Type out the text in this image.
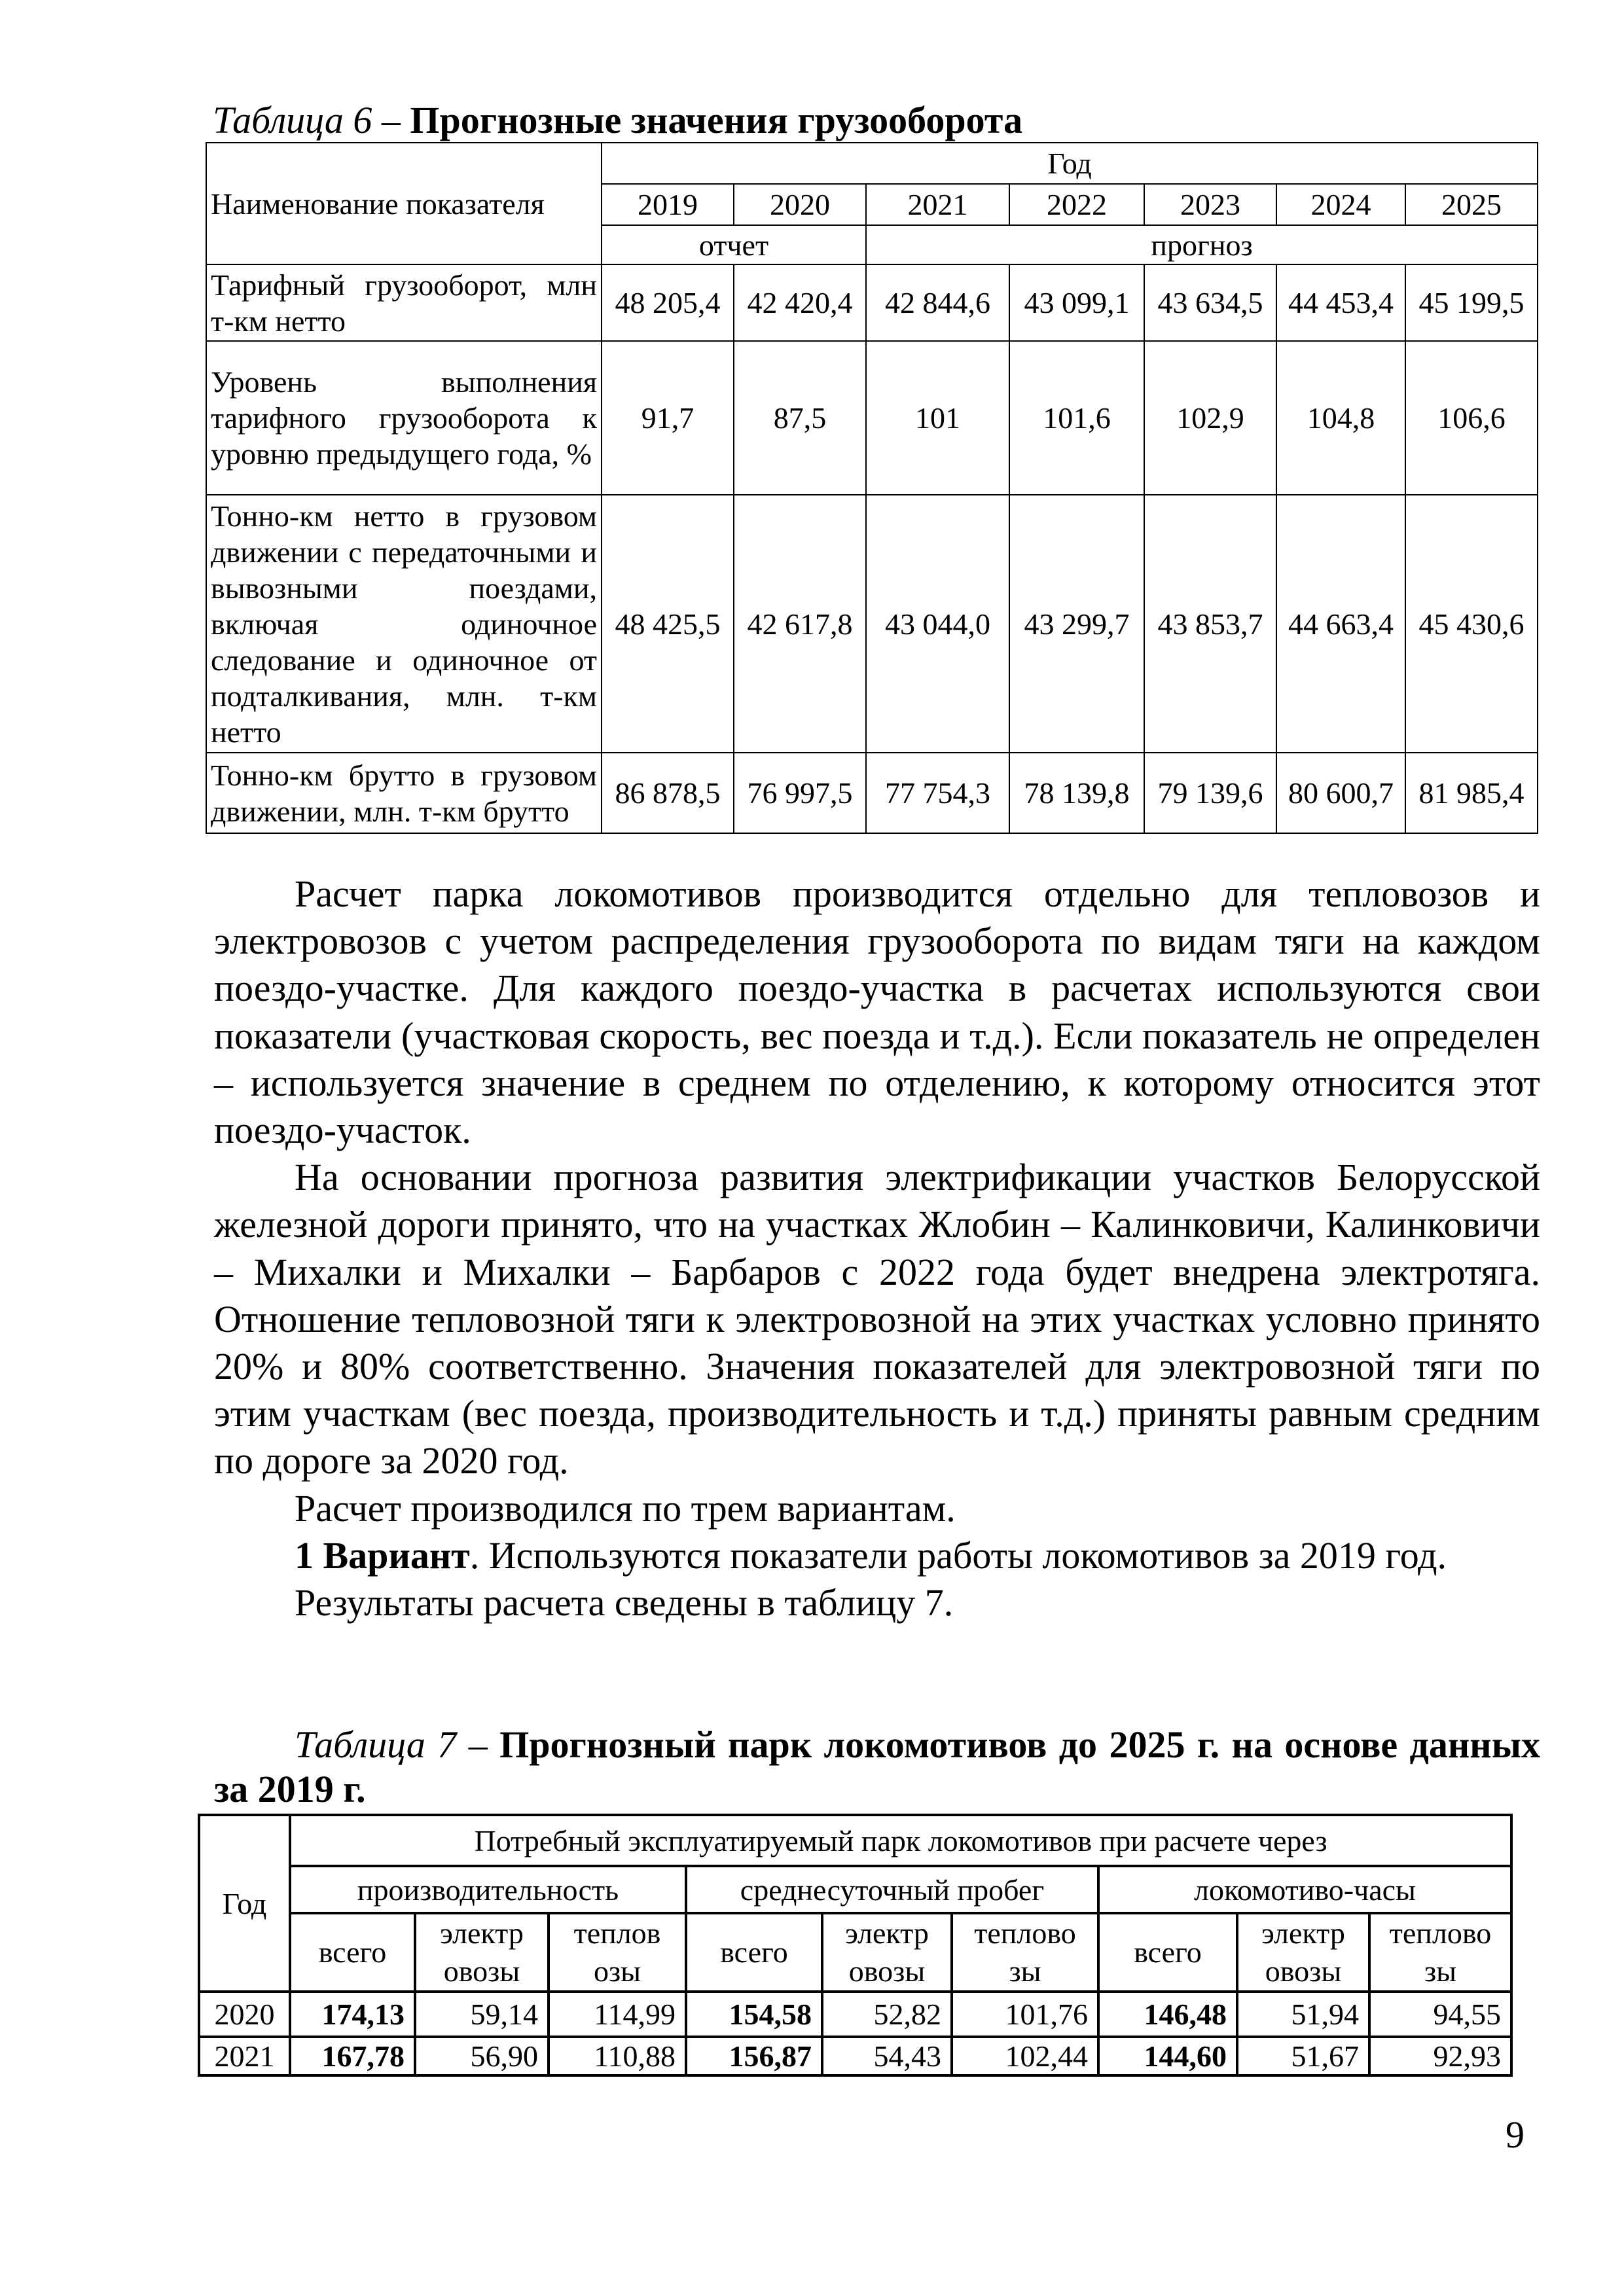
Таблица 6 – Прогнозные значения грузооборота
Наименование показателя	Год						
	2019	2020	2021	2022	2023	2024	2025
	отчет		прогноз				
Тарифный грузооборот, млн т-км нетто	48 205,4	42 420,4	42 844,6	43 099,1	43 634,5	44 453,4	45 199,5
Уровень выполнения тарифного грузооборота к уровню предыдущего года, %	91,7	87,5	101	101,6	102,9	104,8	106,6
Тонно-км нетто в грузовом движении с передаточными и вывозными поездами, включая одиночное следование и одиночное от подталкивания, млн. т-км нетто	48 425,5	42 617,8	43 044,0	43 299,7	43 853,7	44 663,4	45 430,6
Тонно-км брутто в грузовом движении, млн. т-км брутто	86 878,5	76 997,5	77 754,3	78 139,8	79 139,6	80 600,7	81 985,4

Расчет парка локомотивов производится отдельно для тепловозов и электровозов с учетом распределения грузооборота по видам тяги на каждом поездо-участке. Для каждого поездо-участка в расчетах используются свои показатели (участковая скорость, вес поезда и т.д.). Если показатель не определен – используется значение в среднем по отделению, к которому относится этот поездо-участок.

На основании прогноза развития электрификации участков Белорусской железной дороги принято, что на участках Жлобин – Калинковичи, Калинковичи – Михалки и Михалки – Барбаров с 2022 года будет внедрена электротяга. Отношение тепловозной тяги к электровозной на этих участках условно принято 20% и 80% соответственно. Значения показателей для электровозной тяги по этим участкам (вес поезда, производительность и т.д.) приняты равным средним по дороге за 2020 год.

Расчет производился по трем вариантам.

1 Вариант. Используются показатели работы локомотивов за 2019 год.

Результаты расчета сведены в таблицу 7.

Таблица 7 – Прогнозный парк локомотивов до 2025 г. на основе данных за 2019 г.
Год	Потребный эксплуатируемый парк локомотивов при расчете через								
	производительность			среднесуточный пробег			локомотиво-часы		
	всего	электр овозы	теплов озы	всего	электр овозы	теплово зы	всего	электр овозы	теплово зы
2020	174,13	59,14	114,99	154,58	52,82	101,76	146,48	51,94	94,55
2021	167,78	56,90	110,88	156,87	54,43	102,44	144,60	51,67	92,93
9
